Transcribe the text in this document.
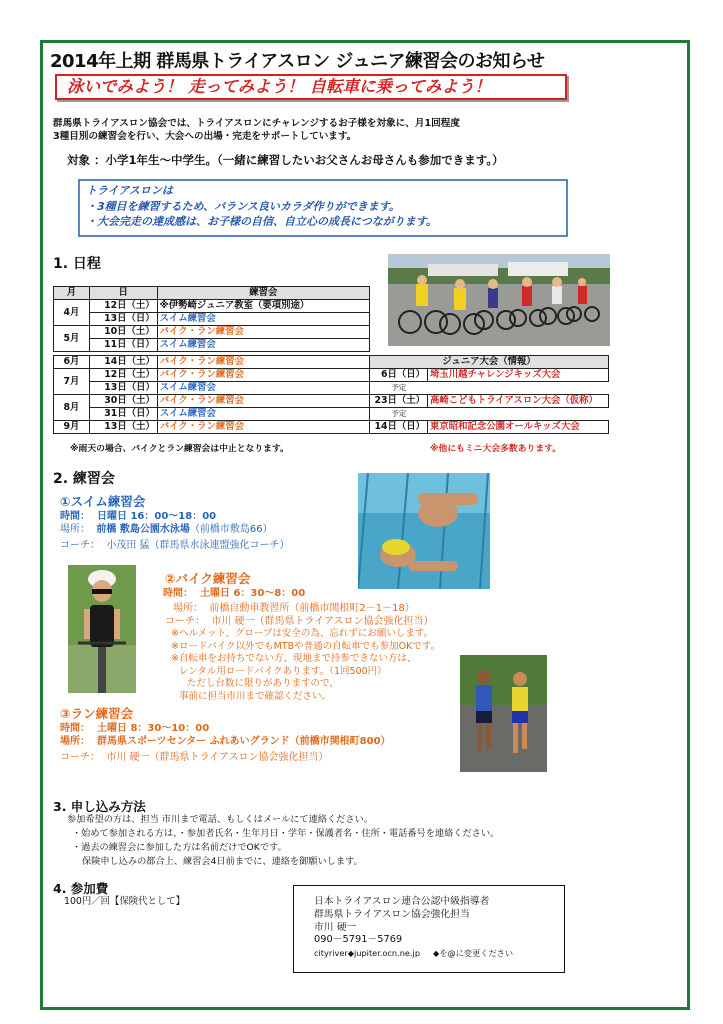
2014年上期 群馬県トライアスロン ジュニア練習会のお知らせ
泳いでみよう！ 走ってみよう！ 自転車に乗ってみよう！
群馬県トライアスロン協会では、トライアスロンにチャレンジするお子様を対象に、月1回程度
3種目別の練習会を行い、大会への出場・完走をサポートしています。
対象 ：小学1年生～中学生。（一緒に練習したいお父さんお母さんも参加できます。）
トライアスロンは
・3種目を練習するため、バランス良いカラダ作りができます。
・大会完走の達成感は、お子様の自信、自立心の成長につながります。
1. 日程
月	日	練習会
4月	12日（土）	※伊勢崎ジュニア教室（要項別途）
	13日（日）	スイム練習会
5月	10日（土）	バイク・ラン練習会
	11日（日）	スイム練習会
6月	14日（土）	バイク・ラン練習会	ジュニア大会（情報）	
7月	12日（土）	バイク・ラン練習会	6日（日）	埼玉川越チャレンジキッズ大会
	13日（日）	スイム練習会	予定	
8月	30日（土）	バイク・ラン練習会	23日（土）	高崎こどもトライアスロン大会（仮称）
	31日（日）	スイム練習会	予定	
9月	13日（土）	バイク・ラン練習会	14日（日）	東京昭和記念公園オールキッズ大会
※雨天の場合、バイクとラン練習会は中止となります。	※他にもミニ大会多数あります。
2. 練習会
①スイム練習会
時間： 日曜日 16：00～18：00
場所： 前橋 敷島公園水泳場（前橋市敷島66）
コーチ： 小茂田 猛（群馬県水泳連盟強化コーチ）
②バイク練習会
時間： 土曜日 6：30～8：00
場所： 前橋自動車教習所（前橋市関根町2－1－18）
コーチ： 市川 硬一（群馬県トライアスロン協会強化担当）
※ヘルメット、グローブは安全の為、忘れずにお願いします。
※ロードバイク以外でもMTBや普通の自転車でも参加OKです。
※自転車をお持ちでない方、現地まで持参できない方は、
レンタル用ロードバイクあります。（1回500円）
ただし台数に限りがありますので、
事前に担当市川まで確認ください。
③ラン練習会
時間： 土曜日 8：30～10：00
場所： 群馬県スポーツセンター ふれあいグランド（前橋市関根町800）
コーチ： 市川 硬一（群馬県トライアスロン協会強化担当）
3. 申し込み方法
参加希望の方は、担当 市川まで電話、もしくはメールにて連絡ください。
・始めて参加される方は、・参加者氏名・生年月日・学年・保護者名・住所・電話番号を連絡ください。
・過去の練習会に参加した方は名前だけでOKです。
保険申し込みの都合上、練習会4日前までに、連絡を御願いします。
4. 参加費
100円／回【保険代として】	日本トライアスロン連合公認中級指導者
群馬県トライアスロン協会強化担当
市川 硬一
090－5791－5769
cityriver◆jupiter.ocn.ne.jp ◆を@に変更ください
